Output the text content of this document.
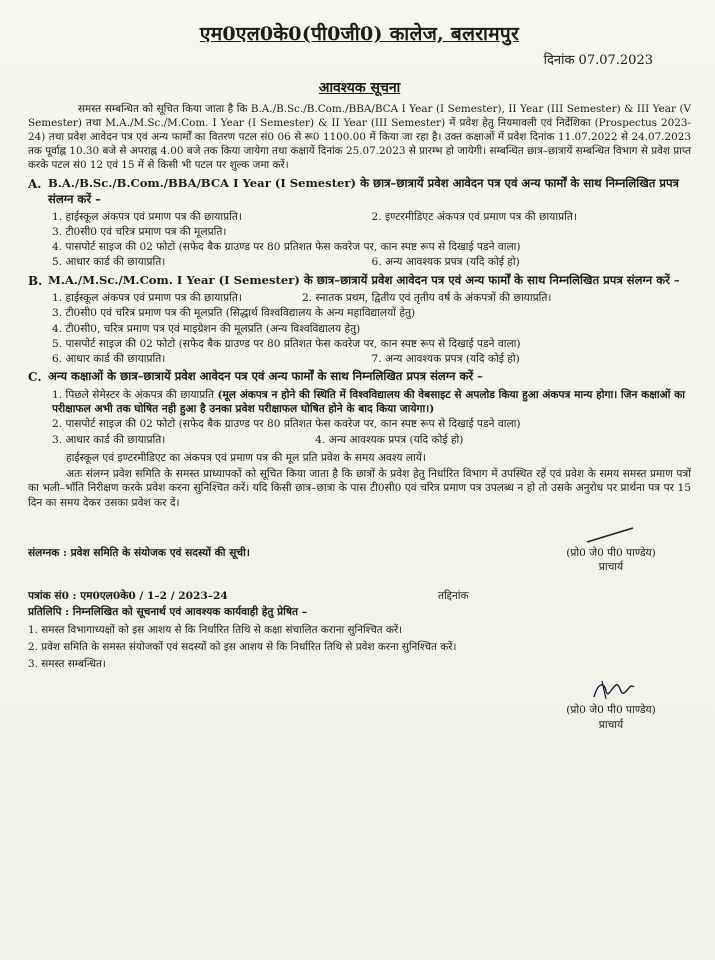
एम0एल0के0(पी0जी0) कालेज, बलरामपुर
दिनांक 07.07.2023
आवश्यक सूचना

समस्त सम्बन्धित को सूचित किया जाता है कि B.A./B.Sc./B.Com./BBA/BCA I Year (I Semester), II Year (III Semester) & III Year (V Semester) तथा M.A./M.Sc./M.Com. I Year (I Semester) & II Year (III Semester) में प्रवेश हेतु नियमावली एवं निर्देशिका (Prospectus 2023-24) तथा प्रवेश आवेदन पत्र एवं अन्य फार्मों का वितरण पटल सं0 06 से रू0 1100.00 में किया जा रहा है। उक्त कक्षाओं में प्रवेश दिनांक 11.07.2022 से 24.07.2023 तक पूर्वाह्न 10.30 बजे से अपराह्न 4.00 बजे तक किया जायेगा तथा कक्षायें दिनांक 25.07.2023 से प्रारम्भ हो जायेगी। सम्बन्धित छात्र–छात्रायें सम्बन्धित विभाग से प्रवेश प्राप्त करके पटल सं0 12 एवं 15 में से किसी भी पटल पर शुल्क जमा करें।

A. B.A./B.Sc./B.Com./BBA/BCA I Year (I Semester) के छात्र–छात्रायें प्रवेश आवेदन पत्र एवं अन्य फार्मों के साथ निम्नलिखित प्रपत्र संलग्न करें –
1. हाईस्कूल अंकपत्र एवं प्रमाण पत्र की छायाप्रति।	2. इण्टरमीडिएट अंकपत्र एवं प्रमाण पत्र की छायाप्रति।
3. टी0सी0 एवं चरित्र प्रमाण पत्र की मूलप्रति।
4. पासपोर्ट साइज की 02 फोटो (सफेद बैक ग्राउण्ड पर 80 प्रतिशत फेस कवरेज पर, कान स्पष्ट रूप से दिखाई पडने वाला)
5. आधार कार्ड की छायाप्रति।	6. अन्य आवश्यक प्रपत्र (यदि कोई हो)
B. M.A./M.Sc./M.Com. I Year (I Semester) के छात्र–छात्रायें प्रवेश आवेदन पत्र एवं अन्य फार्मों के साथ निम्नलिखित प्रपत्र संलग्न करें –
1. हाईस्कूल अंकपत्र एवं प्रमाण पत्र की छायाप्रति।	2. स्नातक प्रथम, द्वितीय एवं तृतीय वर्ष के अंकपत्रों की छायाप्रति।
3. टी0सी0 एवं चरित्र प्रमाण पत्र की मूलप्रति (सिद्धार्थ विश्वविद्यालय के अन्य महाविद्यालयों हेतु)
4. टी0सी0, चरित्र प्रमाण पत्र एवं माइग्रेशन की मूलप्रति (अन्य विश्वविद्यालय हेतु)
5. पासपोर्ट साइज की 02 फोटो (सफेद बैक ग्राउण्ड पर 80 प्रतिशत फेस कवरेज पर, कान स्पष्ट रूप से दिखाई पडने वाला)
6. आधार कार्ड की छायाप्रति।	7. अन्य आवश्यक प्रपत्र (यदि कोई हो)
C. अन्य कक्षाओं के छात्र–छात्रायें प्रवेश आवेदन पत्र एवं अन्य फार्मों के साथ निम्नलिखित प्रपत्र संलग्न करें –
1. पिछले सेमेस्टर के अंकपत्र की छायाप्रति (मूल अंकपत्र न होने की स्थिति में विश्वविद्यालय की वेबसाइट से अपलोड किया हुआ अंकपत्र मान्य होगा। जिन कक्षाओं का परीक्षाफल अभी तक घोषित नही हुआ है उनका प्रवेश परीक्षाफल घोषित होने के बाद किया जायेगा।)
2. पासपोर्ट साइज की 02 फोटो (सफेद बैक ग्राउण्ड पर 80 प्रतिशत फेस कवरेज पर, कान स्पष्ट रूप से दिखाई पडने वाला)
3. आधार कार्ड की छायाप्रति।	4. अन्य आवश्यक प्रपत्र (यदि कोई हो)

हाईस्कूल एवं इण्टरमीडिएट का अंकपत्र एवं प्रमाण पत्र की मूल प्रति प्रवेश के समय अवश्य लायें।

अतः संलग्न प्रवेश समिति के समस्त प्राध्यापकों को सूचित किया जाता है कि छात्रों के प्रवेश हेतु निर्धारित विभाग में उपस्थित रहें एवं प्रवेश के समय समस्त प्रमाण पत्रों का भली–भाँति निरीक्षण करके प्रवेश करना सुनिश्चित करें। यदि किसी छात्र–छात्रा के पास टी0सी0 एवं चरित्र प्रमाण पत्र उपलब्ध न हो तो उसके अनुरोध पर प्रार्थना पत्र पर 15 दिन का समय देकर उसका प्रवेश कर दें।

संलग्नक : प्रवेश समिति के संयोजक एवं सदस्यों की सूची।	(प्रो0 जे0 पी0 पाण्डेय)
प्राचार्य
पत्रांक सं0 : एम0एल0के0 / 1–2 / 2023–24	तद्दिनांक
प्रतिलिपि : निम्नलिखित को सूचनार्थ एवं आवश्यक कार्यवाही हेतु प्रेषित –
1. समस्त विभागाध्यक्षों को इस आशय से कि निर्धारित तिथि से कक्षा संचालित कराना सुनिश्चित करें।
2. प्रवेश समिति के समस्त संयोजकों एवं सदस्यों को इस आशय से कि निर्धारित तिथि से प्रवेश करना सुनिश्चित करें।
3. समस्त सम्बन्धित।
(प्रो0 जे0 पी0 पाण्डेय)
प्राचार्य
